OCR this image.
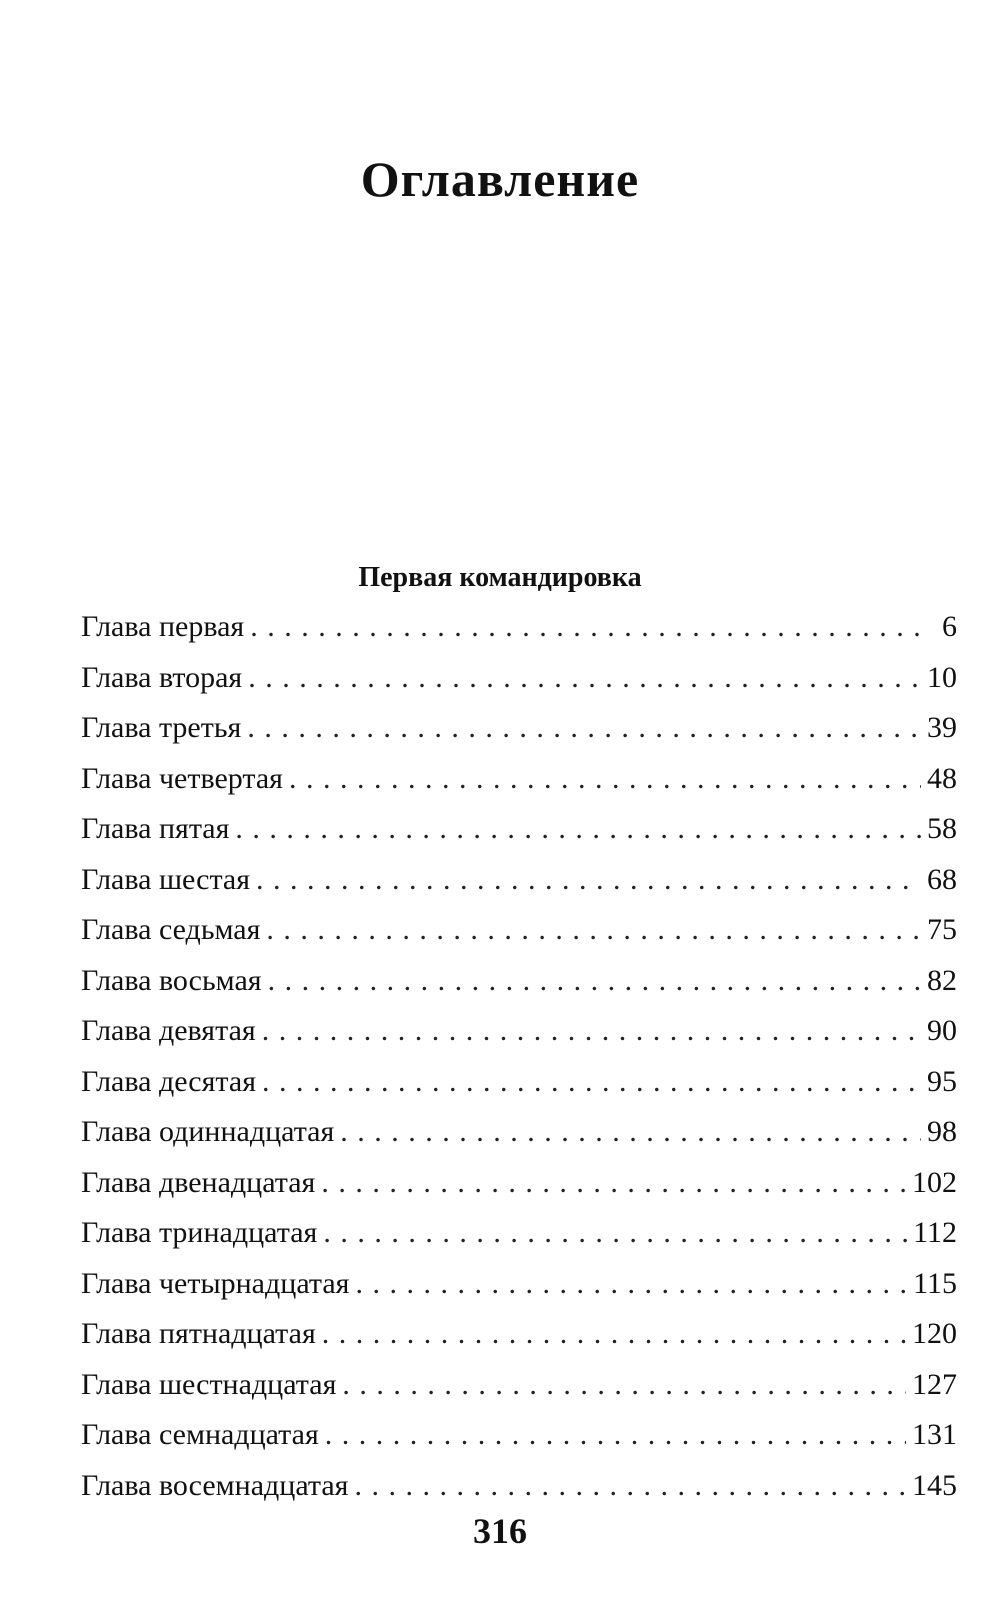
Оглавление
Первая командировка
Глава первая . . .	6
Глава вторая . . .	10
Глава третья . . .	39
Глава четвертая . . .	48
Глава пятая . . .	58
Глава шестая . . .	68
Глава седьмая . . .	75
Глава восьмая . . .	82
Глава девятая . . .	90
Глава десятая . . .	95
Глава одиннадцатая . . .	98
Глава двенадцатая . . .	102
Глава тринадцатая . . .	112
Глава четырнадцатая . . .	115
Глава пятнадцатая . . .	120
Глава шестнадцатая . . .	127
Глава семнадцатая . . .	131
Глава восемнадцатая . . .	145
316
